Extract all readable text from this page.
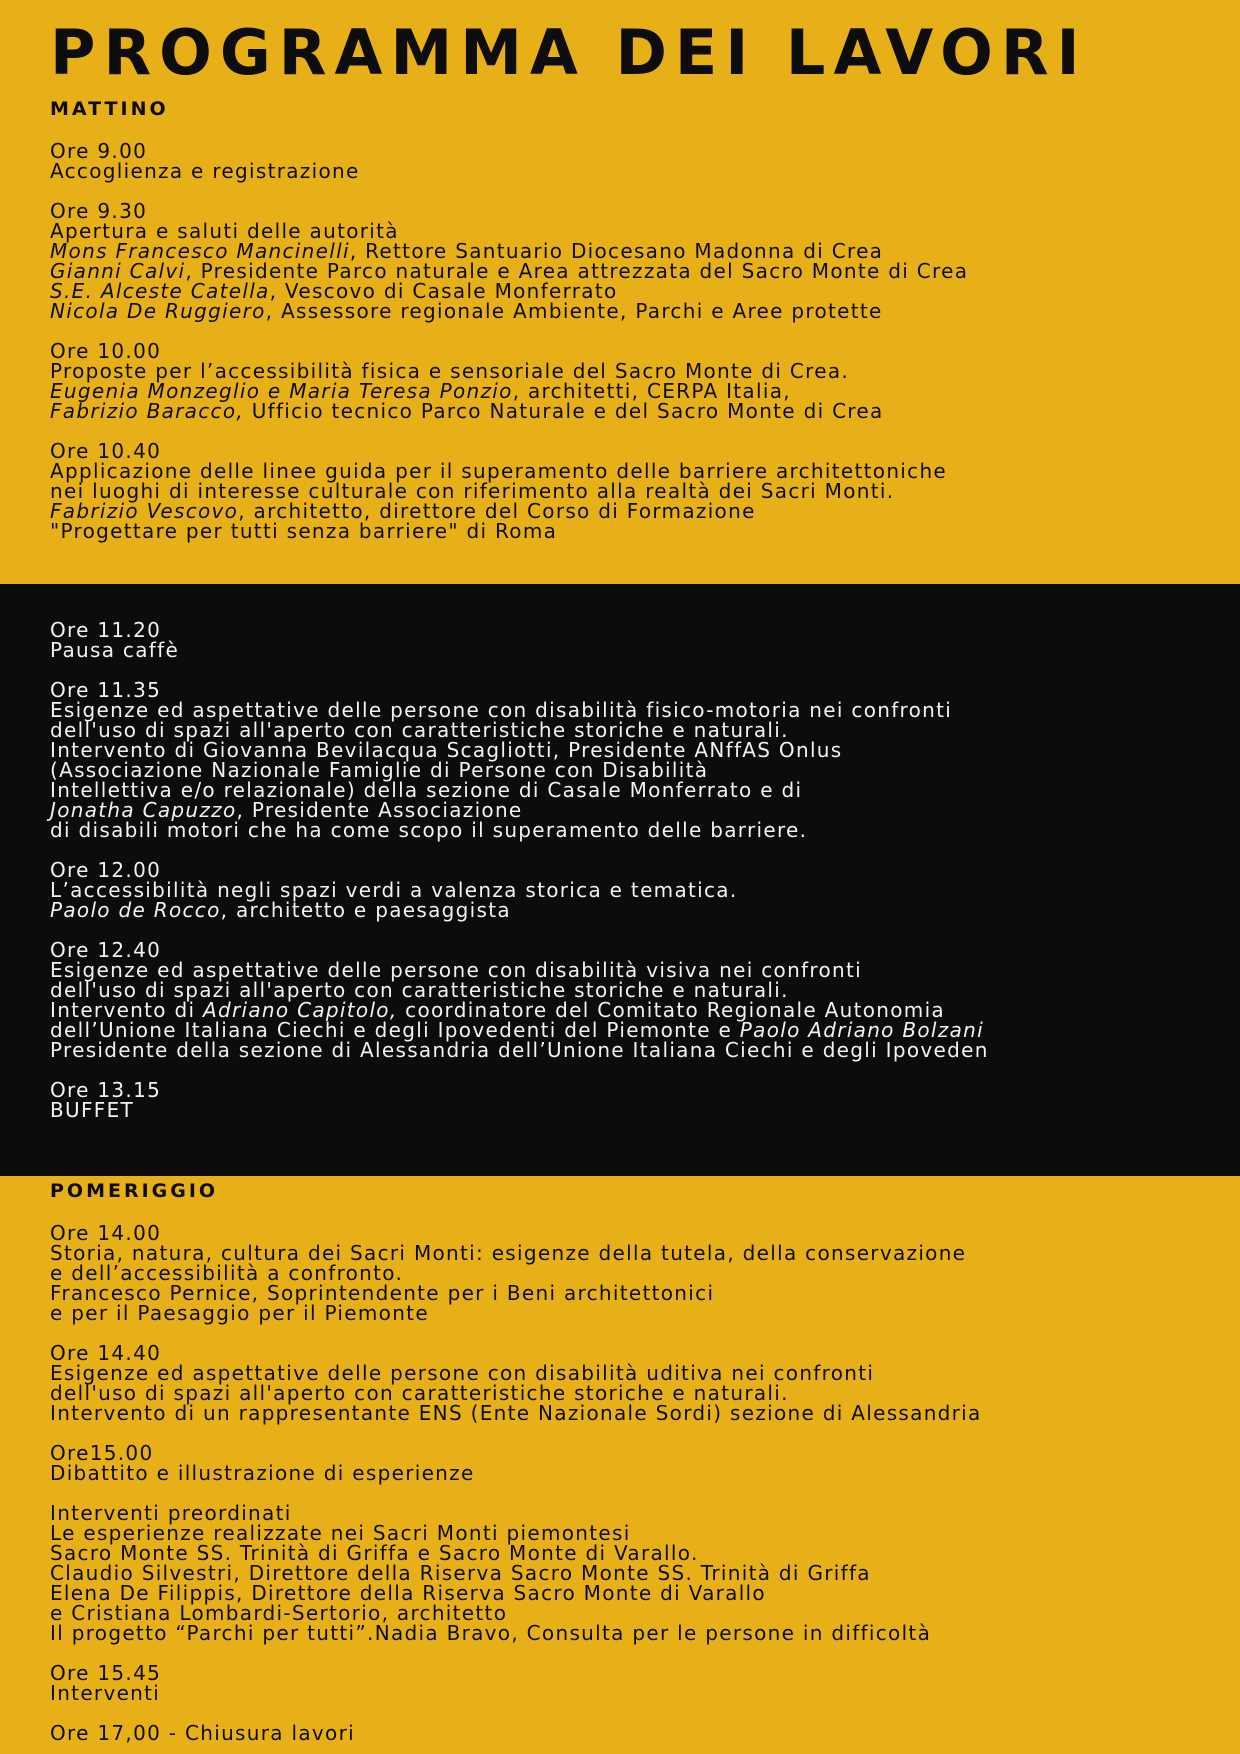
PROGRAMMA DEI LAVORI
MATTINO

Ore 9.00

Accoglienza e registrazione

Ore 9.30

Apertura e saluti delle autorità

Mons Francesco Mancinelli, Rettore Santuario Diocesano Madonna di Crea

Gianni Calvi, Presidente Parco naturale e Area attrezzata del Sacro Monte di Crea

S.E. Alceste Catella, Vescovo di Casale Monferrato

Nicola De Ruggiero, Assessore regionale Ambiente, Parchi e Aree protette

Ore 10.00

Proposte per l’accessibilità fisica e sensoriale del Sacro Monte di Crea.

Eugenia Monzeglio e Maria Teresa Ponzio, architetti, CERPA Italia,

Fabrizio Baracco, Ufficio tecnico Parco Naturale e del Sacro Monte di Crea

Ore 10.40

Applicazione delle linee guida per il superamento delle barriere architettoniche

nei luoghi di interesse culturale con riferimento alla realtà dei Sacri Monti.

Fabrizio Vescovo, architetto, direttore del Corso di Formazione

"Progettare per tutti senza barriere" di Roma

Ore 11.20

Pausa caffè

Ore 11.35

Esigenze ed aspettative delle persone con disabilità fisico-motoria nei confronti

dell'uso di spazi all'aperto con caratteristiche storiche e naturali.

Intervento di Giovanna Bevilacqua Scagliotti, Presidente ANffAS Onlus

(Associazione Nazionale Famiglie di Persone con Disabilità

Intellettiva e/o relazionale) della sezione di Casale Monferrato e di

Jonatha Capuzzo, Presidente Associazione

di disabili motori che ha come scopo il superamento delle barriere.

Ore 12.00

L’accessibilità negli spazi verdi a valenza storica e tematica.

Paolo de Rocco, architetto e paesaggista

Ore 12.40

Esigenze ed aspettative delle persone con disabilità visiva nei confronti

dell'uso di spazi all'aperto con caratteristiche storiche e naturali.

Intervento di Adriano Capitolo, coordinatore del Comitato Regionale Autonomia

dell’Unione Italiana Ciechi e degli Ipovedenti del Piemonte e Paolo Adriano Bolzani

Presidente della sezione di Alessandria dell’Unione Italiana Ciechi e degli Ipoveden

Ore 13.15

BUFFET

POMERIGGIO

Ore 14.00

Storia, natura, cultura dei Sacri Monti: esigenze della tutela, della conservazione

e dell’accessibilità a confronto.

Francesco Pernice, Soprintendente per i Beni architettonici

e per il Paesaggio per il Piemonte

Ore 14.40

Esigenze ed aspettative delle persone con disabilità uditiva nei confronti

dell'uso di spazi all'aperto con caratteristiche storiche e naturali.

Intervento di un rappresentante ENS (Ente Nazionale Sordi) sezione di Alessandria

Ore15.00

Dibattito e illustrazione di esperienze

Interventi preordinati

Le esperienze realizzate nei Sacri Monti piemontesi

Sacro Monte SS. Trinità di Griffa e Sacro Monte di Varallo.

Claudio Silvestri, Direttore della Riserva Sacro Monte SS. Trinità di Griffa

Elena De Filippis, Direttore della Riserva Sacro Monte di Varallo

e Cristiana Lombardi-Sertorio, architetto

Il progetto “Parchi per tutti”.Nadia Bravo, Consulta per le persone in difficoltà

Ore 15.45

Interventi

Ore 17,00 - Chiusura lavori
